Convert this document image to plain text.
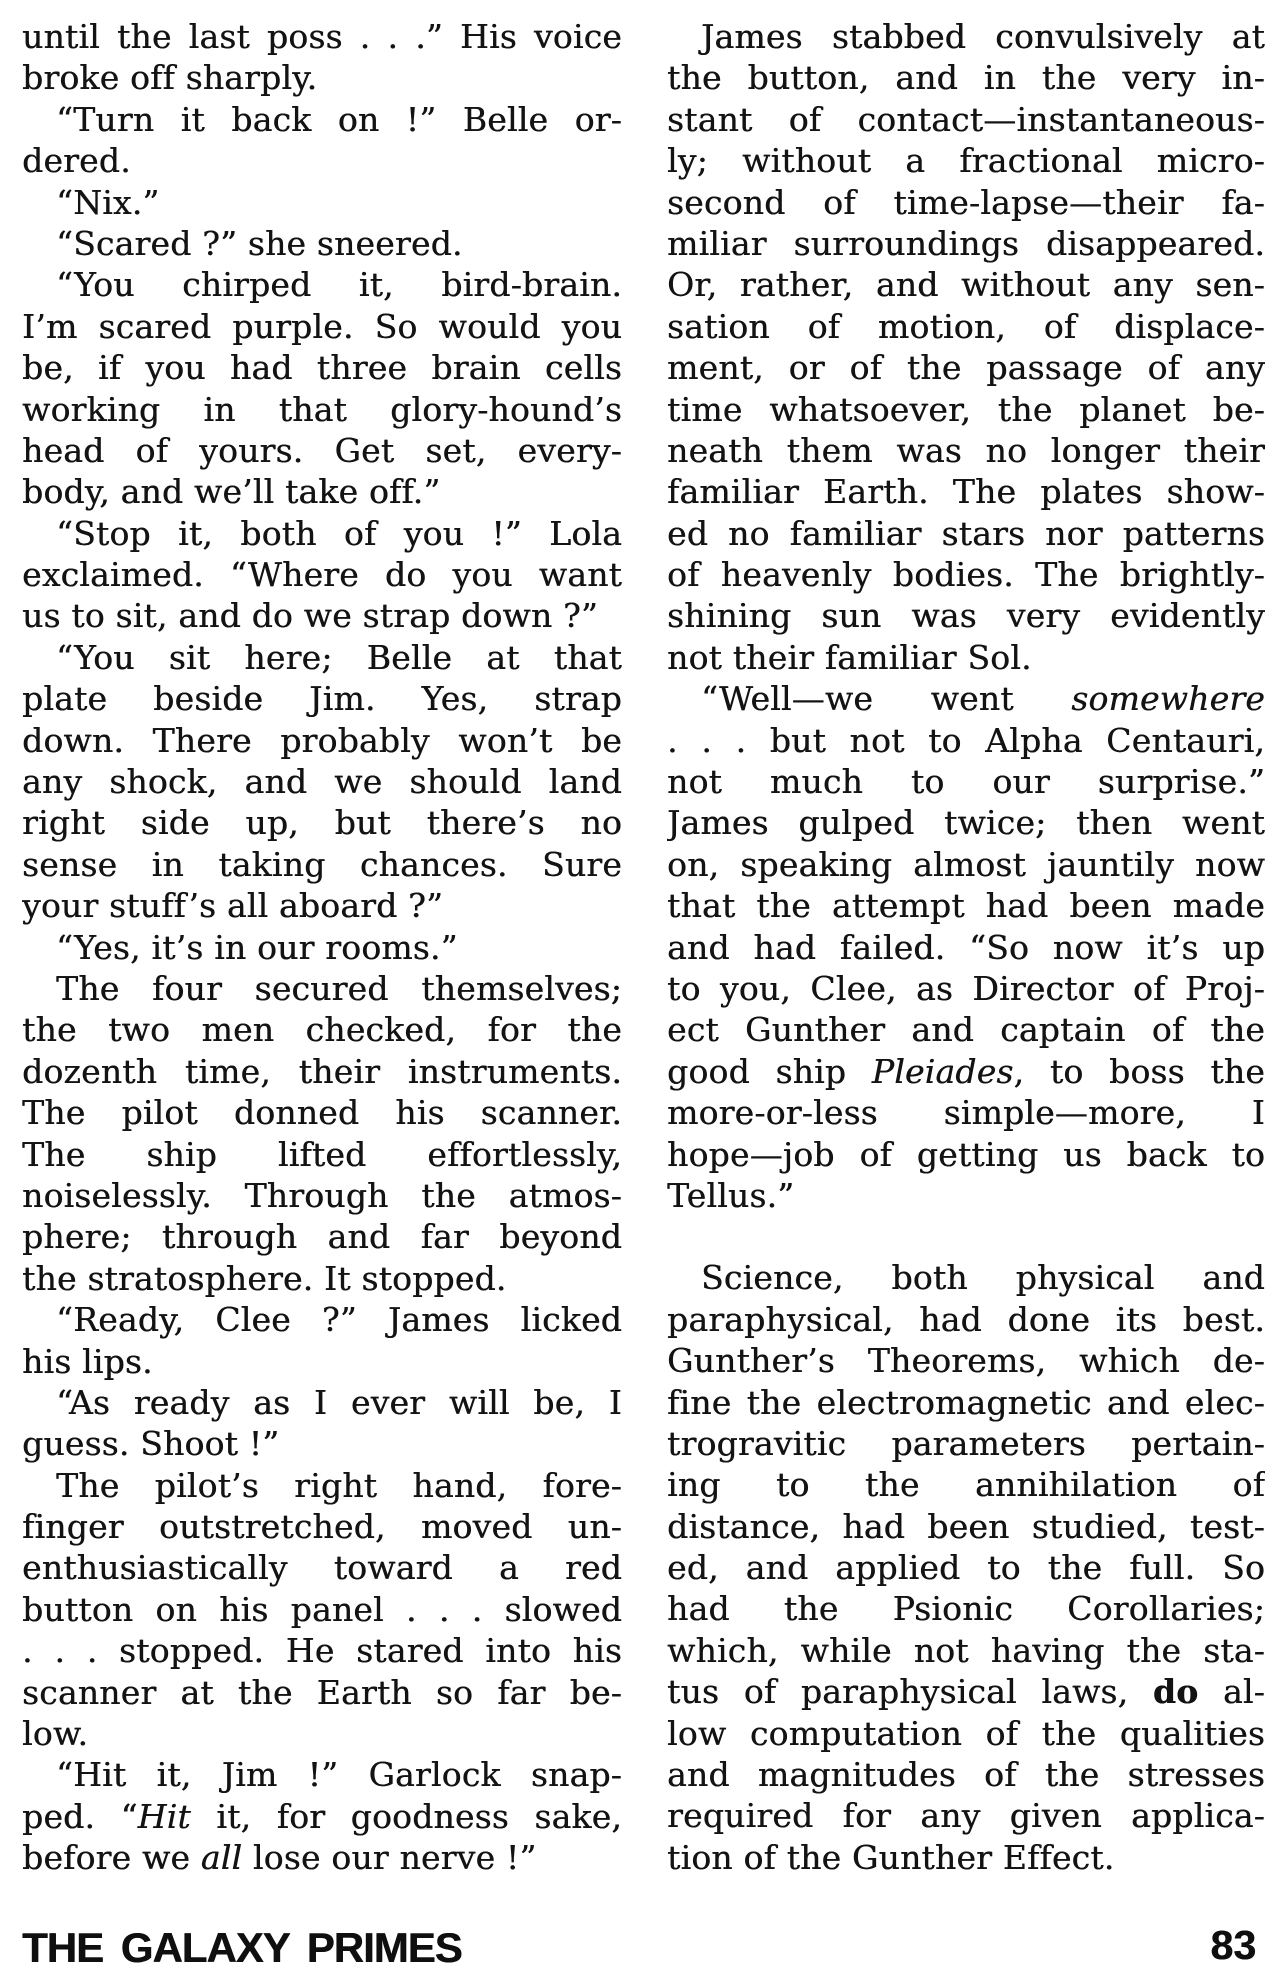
until the last poss . . .” His voice
broke off sharply.
“Turn it back on !” Belle or-
dered.
“Nix.”
“Scared ?” she sneered.
“You chirped it, bird-brain.
I’m scared purple. So would you
be, if you had three brain cells
working in that glory-hound’s
head of yours. Get set, every-
body, and we’ll take off.”
“Stop it, both of you !” Lola
exclaimed. “Where do you want
us to sit, and do we strap down ?”
“You sit here; Belle at that
plate beside Jim. Yes, strap
down. There probably won’t be
any shock, and we should land
right side up, but there’s no
sense in taking chances. Sure
your stuff’s all aboard ?”
“Yes, it’s in our rooms.”
The four secured themselves;
the two men checked, for the
dozenth time, their instruments.
The pilot donned his scanner.
The ship lifted effortlessly,
noiselessly. Through the atmos-
phere; through and far beyond
the stratosphere. It stopped.
“Ready, Clee ?” James licked
his lips.
“As ready as I ever will be, I
guess. Shoot !”
The pilot’s right hand, fore-
finger outstretched, moved un-
enthusiastically toward a red
button on his panel . . . slowed
. . . stopped. He stared into his
scanner at the Earth so far be-
low.
“Hit it, Jim !” Garlock snap-
ped. “Hit it, for goodness sake,
before we all lose our nerve !”
James stabbed convulsively at
the button, and in the very in-
stant of contact—instantaneous-
ly; without a fractional micro-
second of time-lapse—their fa-
miliar surroundings disappeared.
Or, rather, and without any sen-
sation of motion, of displace-
ment, or of the passage of any
time whatsoever, the planet be-
neath them was no longer their
familiar Earth. The plates show-
ed no familiar stars nor patterns
of heavenly bodies. The brightly-
shining sun was very evidently
not their familiar Sol.
“Well—we went somewhere
. . . but not to Alpha Centauri,
not much to our surprise.”
James gulped twice; then went
on, speaking almost jauntily now
that the attempt had been made
and had failed. “So now it’s up
to you, Clee, as Director of Proj-
ect Gunther and captain of the
good ship Pleiades, to boss the
more-or-less simple—more, I
hope—job of getting us back to
Tellus.”
Science, both physical and
paraphysical, had done its best.
Gunther’s Theorems, which de-
fine the electromagnetic and elec-
trogravitic parameters pertain-
ing to the annihilation of
distance, had been studied, test-
ed, and applied to the full. So
had the Psionic Corollaries;
which, while not having the sta-
tus of paraphysical laws, do al-
low computation of the qualities
and magnitudes of the stresses
required for any given applica-
tion of the Gunther Effect.
THE GALAXY PRIMES	83
